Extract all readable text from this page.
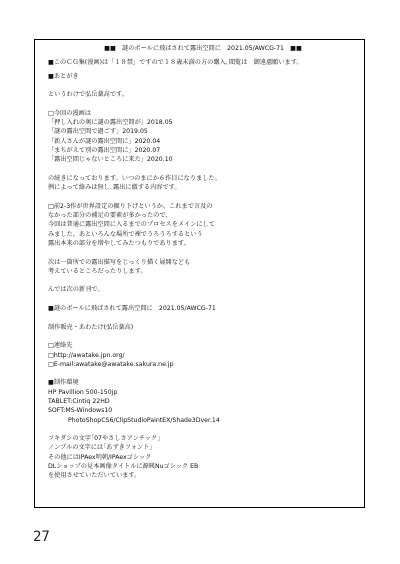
■■　謎のボールに飛ばされて露出空間に　2021.05/AWCG-71　■■
■このＣＧ集(漫画)は「１８禁」ですので１８歳未満の方の購入､閲覧は　御遠慮願います。
■あとがき
というわけで弘岳薬高です。
□今回の漫画は
「押し入れの奥に謎の露出空間が」2018.05
「謎の露出空間で過ごす」2019.05
「新人さんが謎の露出空間に」2020.04
「まちがえて別の露出空間に」2020.07
「露出空間じゃないところに来た」2020.10
の続きになっております。いつのまにか６作目になりました。
例によって絡みは無し､露出に徹する内容です。
□前2-3作が世界設定の掘り下げというか、これまで言及の
なかった部分の補足の要素が多かったので、
今回は普通に露出空間に入るまでのプロセスをメインにして
みました。あといろんな場所で裸でうろうろするという
露出本来の部分を増やしてみたつもりであります。
次は一箇所での露出描写をじっくり描く展開なども
考えているところだったりします。
んでは次の新刊で。
■謎のボールに飛ばされて露出空間に　2021.05/AWCG-71
制作販売・あわたけ(弘岳薬高)
□連絡先
□http://awatake.jpn.org/
□E-mail:awatake@awatake.sakura.ne.jp
■制作環境
HP Pavillion 500-150jp
TABLET:Cintiq 22HD
SOFT:MS-Windows10
PhotoShopCS6/ClipStudioPaintEX/Shade3Dver.14
フキダシの文字｢07やさしさアンチック｣
ノンブルの文字には｢あずきフォント｣
その他にはIPAex明朝/IPAexゴシック
DLショップの見本画像タイトルに源暎Nuゴシック EB
を使用させていただいています。
27
